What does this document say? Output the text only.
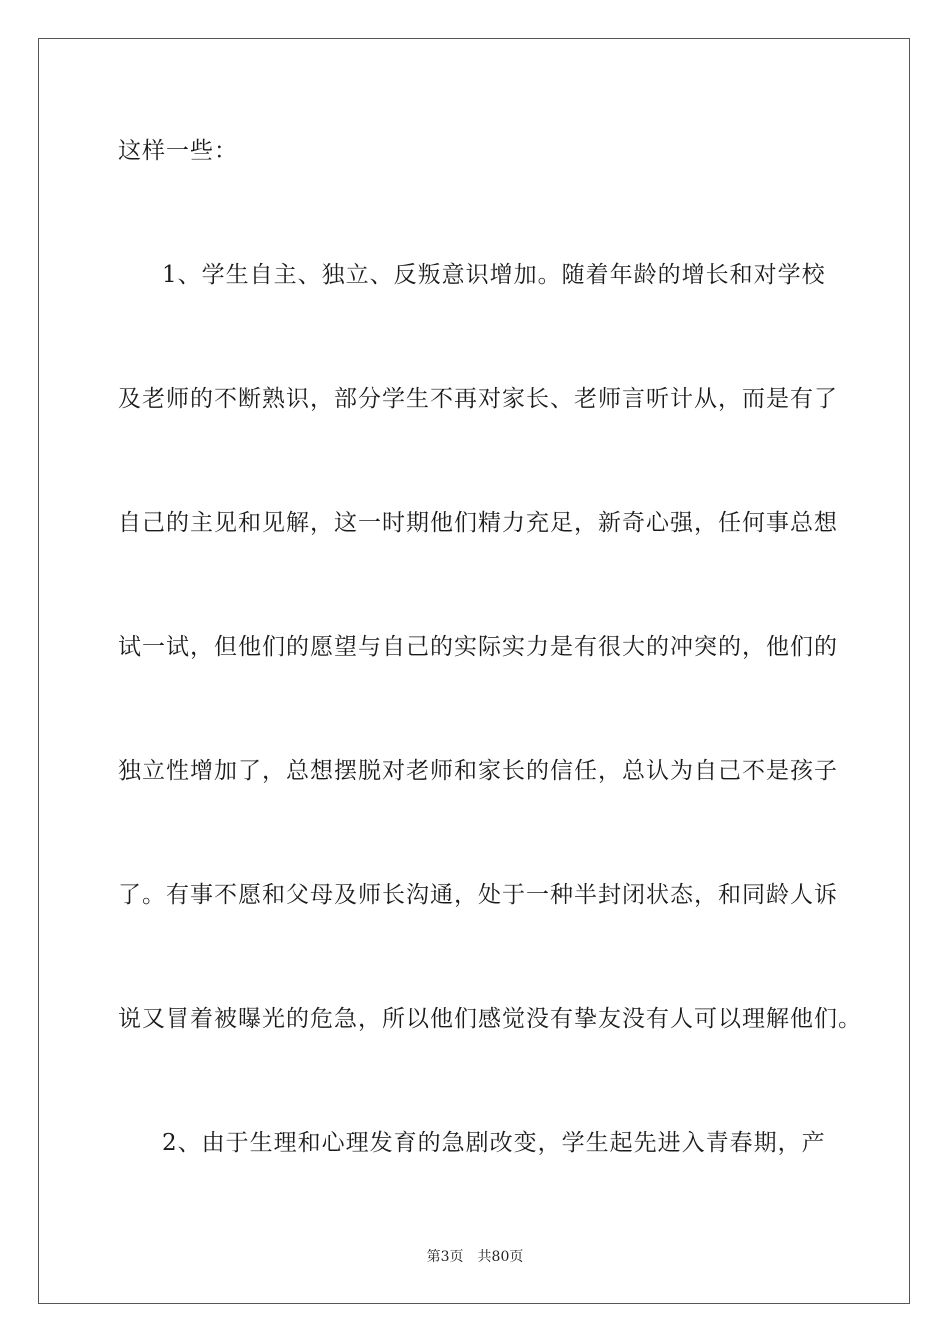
这样一些：
1、学生自主、独立、反叛意识增加。随着年龄的增长和对学校
及老师的不断熟识，部分学生不再对家长、老师言听计从，而是有了
自己的主见和见解，这一时期他们精力充足，新奇心强，任何事总想
试一试，但他们的愿望与自己的实际实力是有很大的冲突的，他们的
独立性增加了，总想摆脱对老师和家长的信任，总认为自己不是孩子
了。有事不愿和父母及师长沟通，处于一种半封闭状态，和同龄人诉
说又冒着被曝光的危急，所以他们感觉没有挚友没有人可以理解他们。
2、由于生理和心理发育的急剧改变，学生起先进入青春期，产
第3页 共80页
